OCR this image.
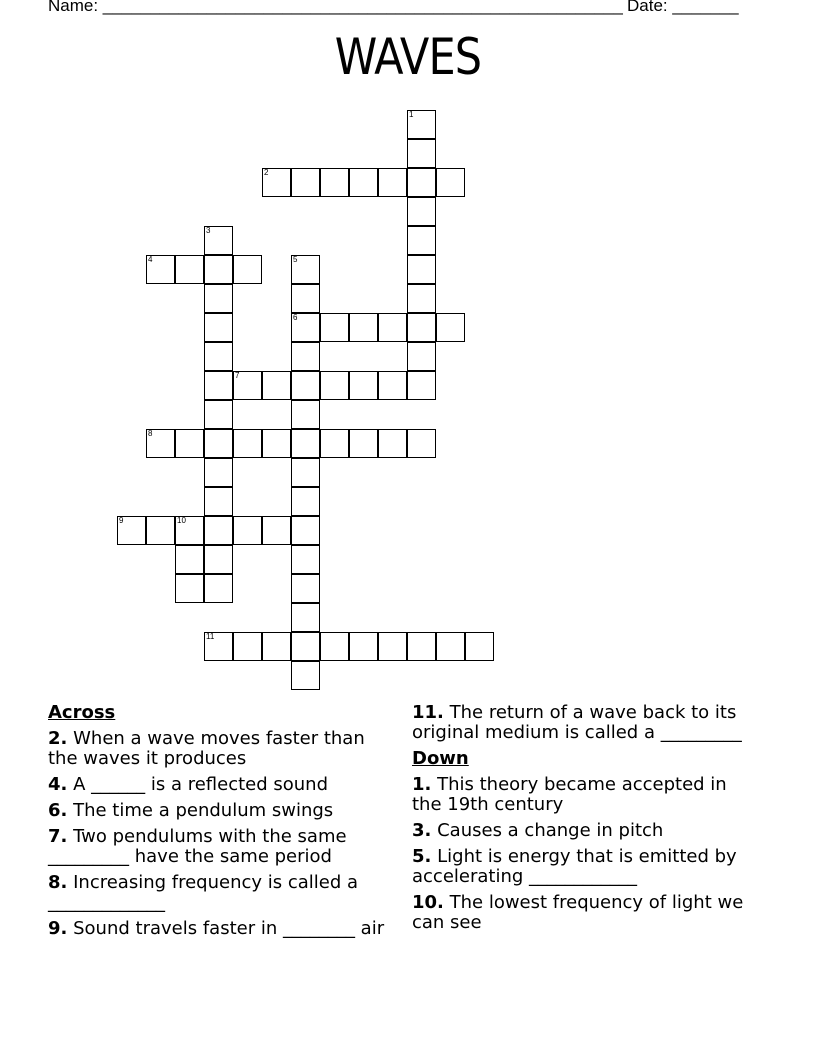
Name: _______________________________________________________ Date: _______
WAVES
1
2
3
4	5
6
7
8
9	10
11
Across
2. When a wave moves faster than the waves it produces
4. A ______ is a reflected sound
6. The time a pendulum swings
7. Two pendulums with the same _________ have the same period
8. Increasing frequency is called a _____________
9. Sound travels faster in ________ air
11. The return of a wave back to its original medium is called a _________
Down
1. This theory became accepted in the 19th century
3. Causes a change in pitch
5. Light is energy that is emitted by accelerating ____________
10. The lowest frequency of light we can see
